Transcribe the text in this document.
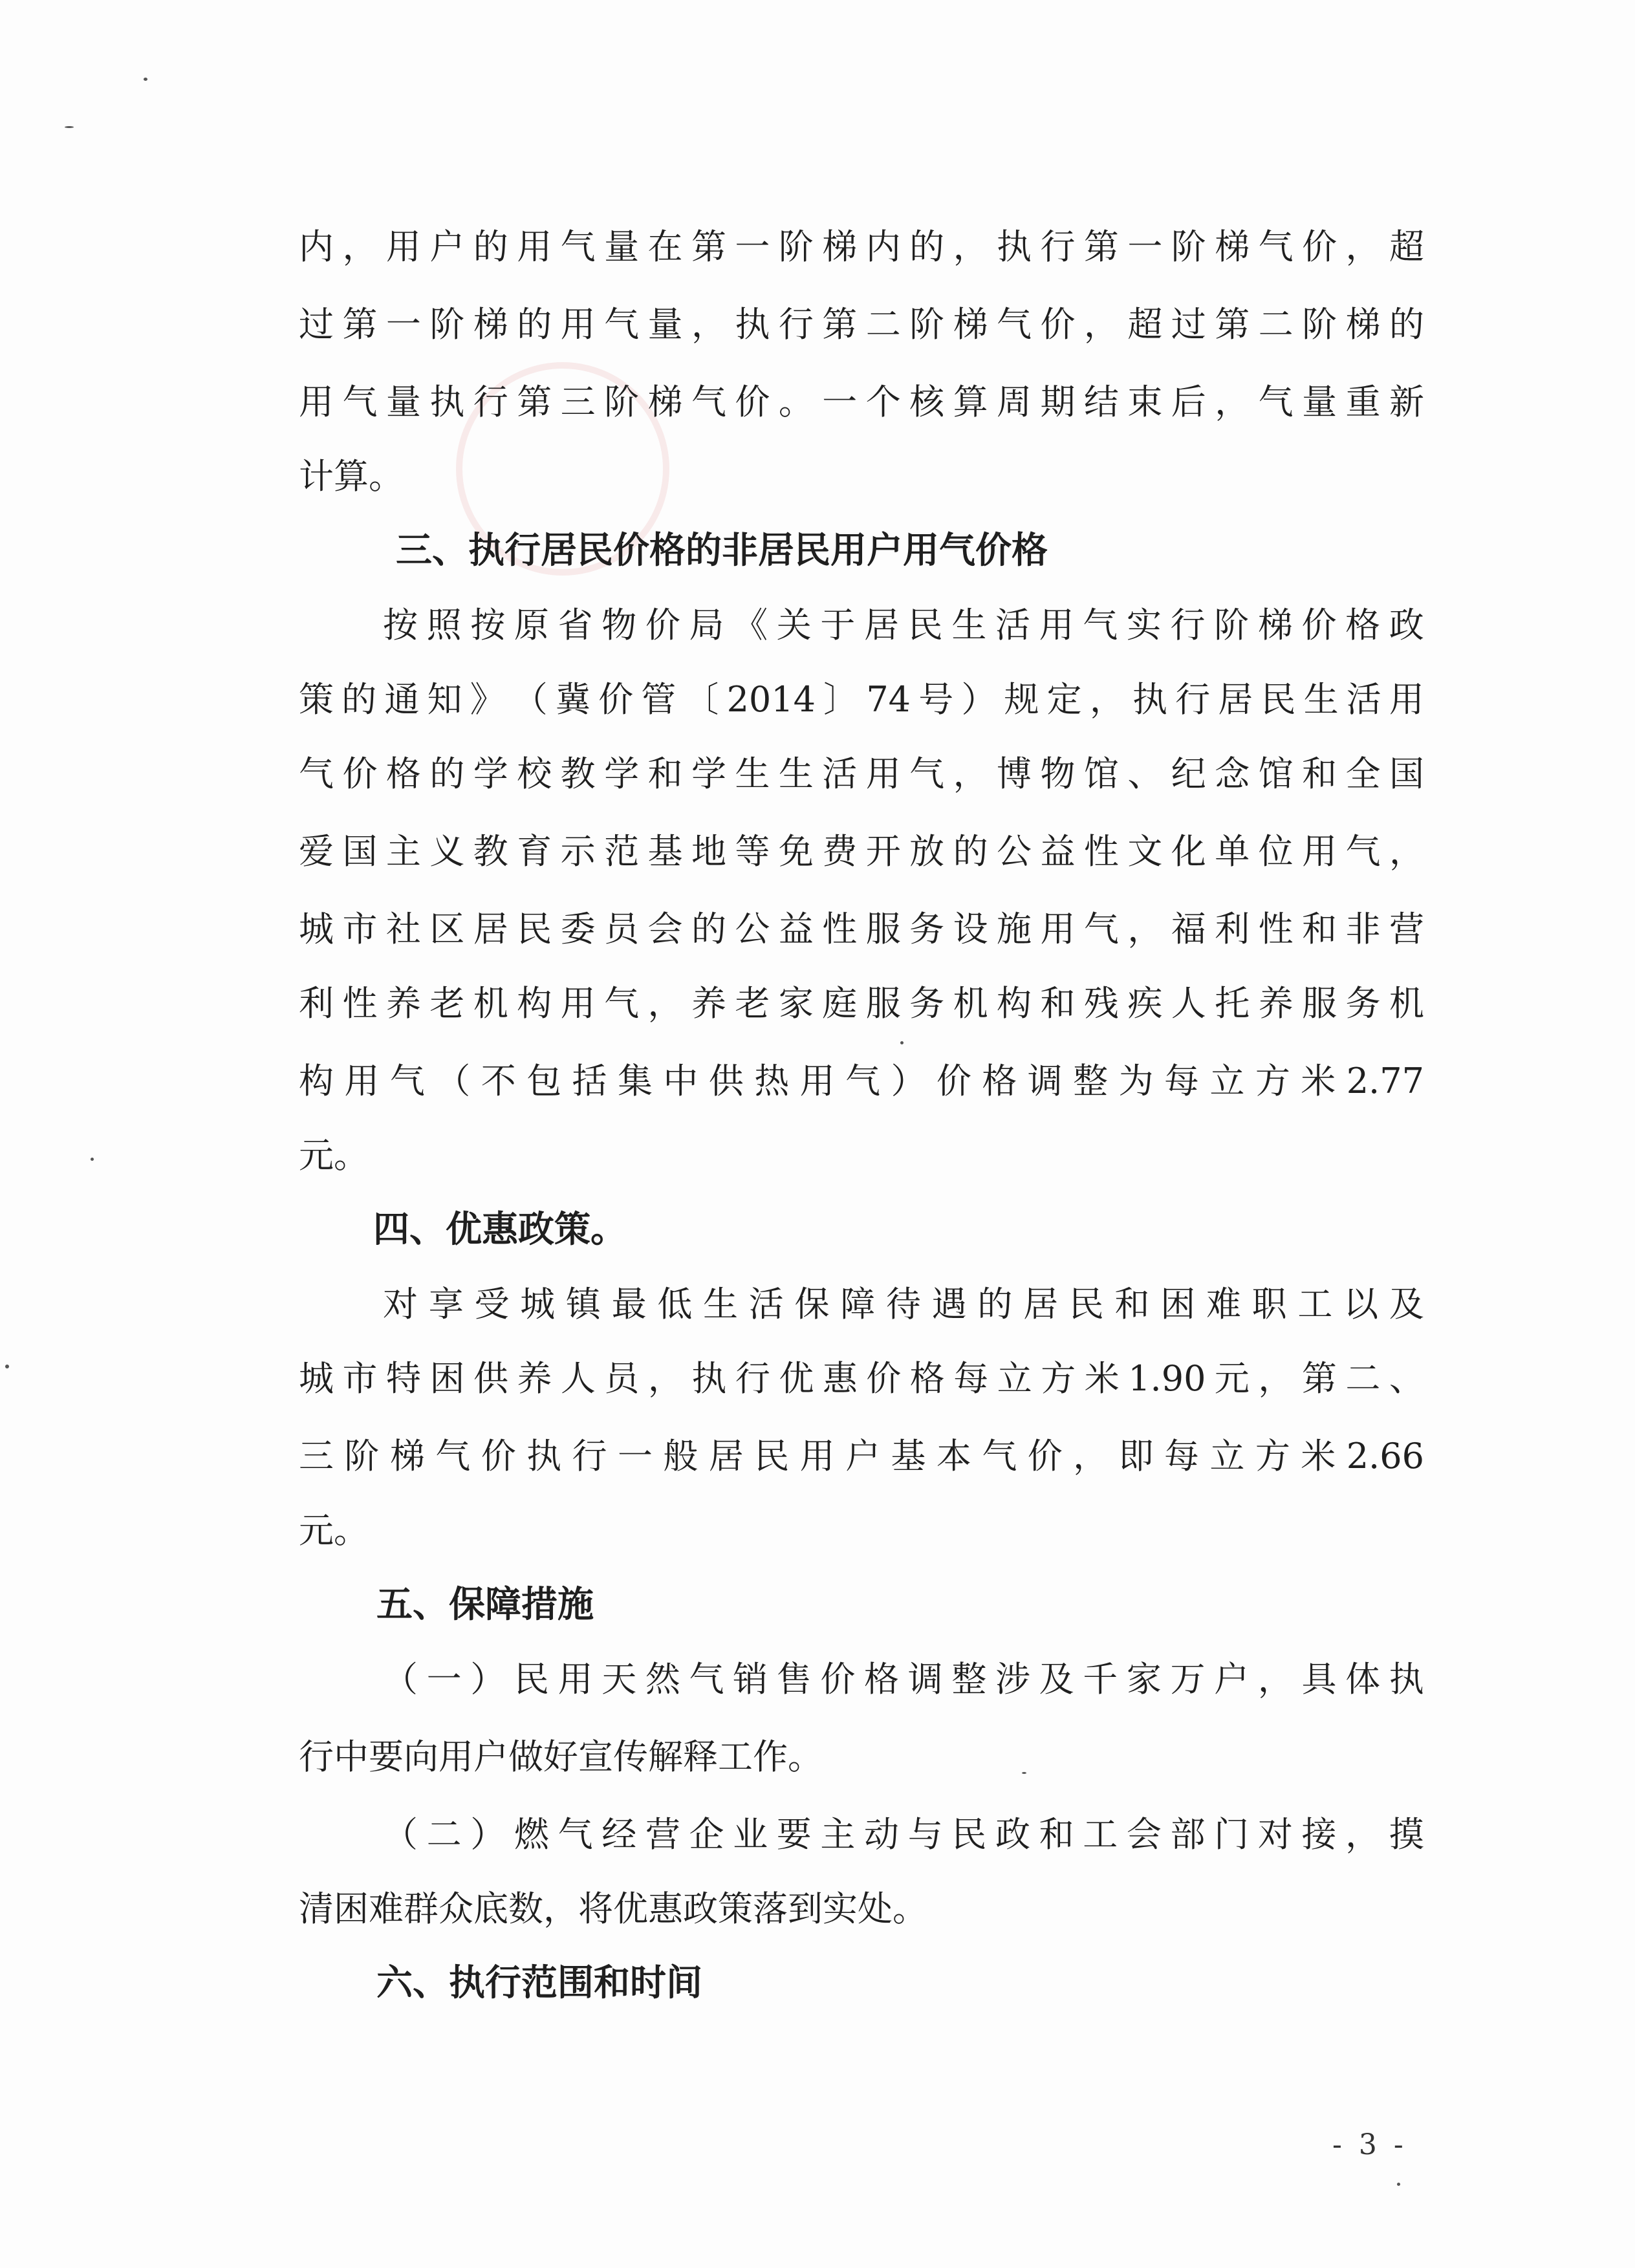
内 ， 用 户 的 用 气 量 在 第 一 阶 梯 内 的 ， 执 行 第 一 阶 梯 气 价 ， 超
过 第 一 阶 梯 的 用 气 量 ， 执 行 第 二 阶 梯 气 价 ， 超 过 第 二 阶 梯 的
用 气 量 执 行 第 三 阶 梯 气 价 。 一 个 核 算 周 期 结 束 后 ， 气 量 重 新
计算。
三、执行居民价格的非居民用户用气价格
按 照 按 原 省 物 价 局 《 关 于 居 民 生 活 用 气 实 行 阶 梯 价 格 政
策 的 通 知 》 （ 冀 价 管 〔 2014 〕 74 号 ） 规 定 ， 执 行 居 民 生 活 用
气 价 格 的 学 校 教 学 和 学 生 生 活 用 气 ， 博 物 馆 、 纪 念 馆 和 全 国
爱 国 主 义 教 育 示 范 基 地 等 免 费 开 放 的 公 益 性 文 化 单 位 用 气 ，
城 市 社 区 居 民 委 员 会 的 公 益 性 服 务 设 施 用 气 ， 福 利 性 和 非 营
利 性 养 老 机 构 用 气 ， 养 老 家 庭 服 务 机 构 和 残 疾 人 托 养 服 务 机
构 用 气 （ 不 包 括 集 中 供 热 用 气 ） 价 格 调 整 为 每 立 方 米 2.77
元。
四、优惠政策。
对 享 受 城 镇 最 低 生 活 保 障 待 遇 的 居 民 和 困 难 职 工 以 及
城 市 特 困 供 养 人 员 ， 执 行 优 惠 价 格 每 立 方 米 1.90 元 ， 第 二 、
三 阶 梯 气 价 执 行 一 般 居 民 用 户 基 本 气 价 ， 即 每 立 方 米 2.66
元。
五、保障措施
（ 一 ） 民 用 天 然 气 销 售 价 格 调 整 涉 及 千 家 万 户 ， 具 体 执
行中要向用户做好宣传解释工作。
（ 二 ） 燃 气 经 营 企 业 要 主 动 与 民 政 和 工 会 部 门 对 接 ， 摸
清困难群众底数，将优惠政策落到实处。
六、执行范围和时间
- 3 -
